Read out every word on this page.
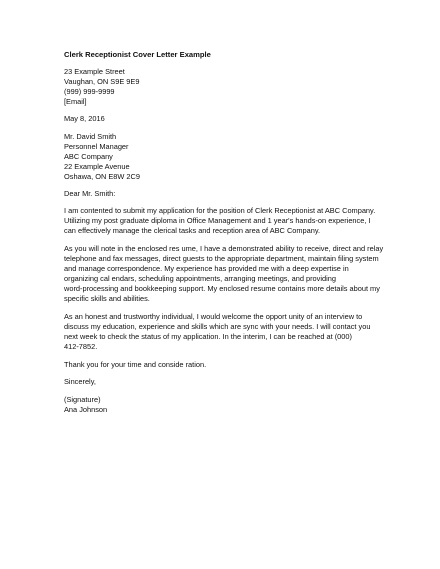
Clerk Receptionist Cover Letter Example
23 Example Street
Vaughan, ON S9E 9E9
(999) 999-9999
[Email]
May 8, 2016
Mr. David Smith
Personnel Manager
ABC Company
22 Example Avenue
Oshawa, ON E8W 2C9
Dear Mr. Smith:
I am contented to submit my application for the position of Clerk Receptionist at ABC Company.
Utilizing my post graduate diploma in Office Management and 1 year's hands-on experience, I
can effectively manage the clerical tasks and reception area of ABC Company.
As you will note in the enclosed res ume, I have a demonstrated ability to receive, direct and relay
telephone and fax messages, direct guests to the appropriate department, maintain filing system
and manage correspondence. My experience has provided me with a deep expertise in
organizing cal endars, scheduling appointments, arranging meetings, and providing
word-processing and bookkeeping support. My enclosed resume contains more details about my
specific skills and abilities.
As an honest and trustworthy individual, I would welcome the opport unity of an interview to
discuss my education, experience and skills which are sync with your needs. I will contact you
next week to check the status of my application. In the interim, I can be reached at (000)
412-7852.
Thank you for your time and conside ration.
Sincerely,
(Signature)
Ana Johnson
